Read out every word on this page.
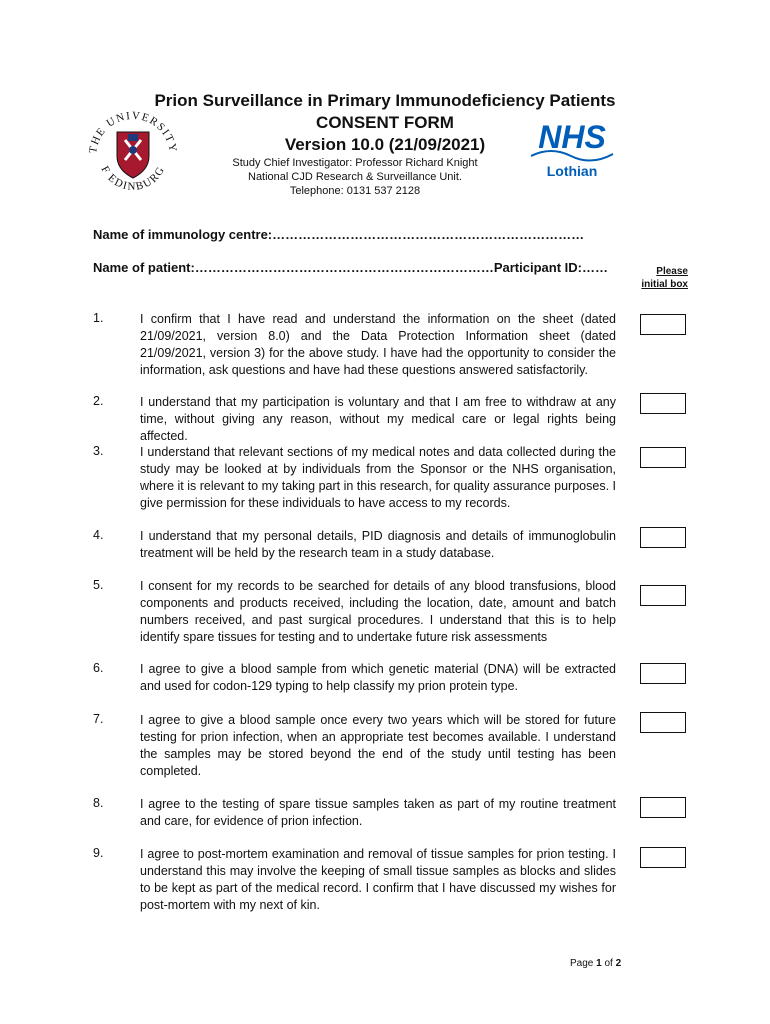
THE UNIVERSITY
F EDINBURG
NHS
Lothian
Prion Surveillance in Primary Immunodeficiency Patients
CONSENT FORM
Version 10.0 (21/09/2021)
Study Chief Investigator: Professor Richard Knight
National CJD Research & Surveillance Unit.
Telephone: 0131 537 2128
Name of immunology centre:………………………………………………………………
Name of patient:……………………………………………………………Participant ID:……	Please
initial box
1.	I confirm that I have read and understand the information on the sheet (dated 21/09/2021, version 8.0) and the Data Protection Information sheet (dated 21/09/2021, version 3) for the above study. I have had the opportunity to consider the information, ask questions and have had these questions answered satisfactorily.
2.	I understand that my participation is voluntary and that I am free to withdraw at any time, without giving any reason, without my medical care or legal rights being affected.
3.	I understand that relevant sections of my medical notes and data collected during the study may be looked at by individuals from the Sponsor or the NHS organisation, where it is relevant to my taking part in this research, for quality assurance purposes. I give permission for these individuals to have access to my records.
4.	I understand that my personal details, PID diagnosis and details of immunoglobulin treatment will be held by the research team in a study database.
5.	I consent for my records to be searched for details of any blood transfusions, blood components and products received, including the location, date, amount and batch numbers received, and past surgical procedures. I understand that this is to help identify spare tissues for testing and to undertake future risk assessments
6.	I agree to give a blood sample from which genetic material (DNA) will be extracted and used for codon-129 typing to help classify my prion protein type.
7.	I agree to give a blood sample once every two years which will be stored for future testing for prion infection, when an appropriate test becomes available. I understand the samples may be stored beyond the end of the study until testing has been completed.
8.	I agree to the testing of spare tissue samples taken as part of my routine treatment and care, for evidence of prion infection.
9.	I agree to post-mortem examination and removal of tissue samples for prion testing. I understand this may involve the keeping of small tissue samples as blocks and slides to be kept as part of the medical record. I confirm that I have discussed my wishes for post-mortem with my next of kin.
Page 1 of 2
